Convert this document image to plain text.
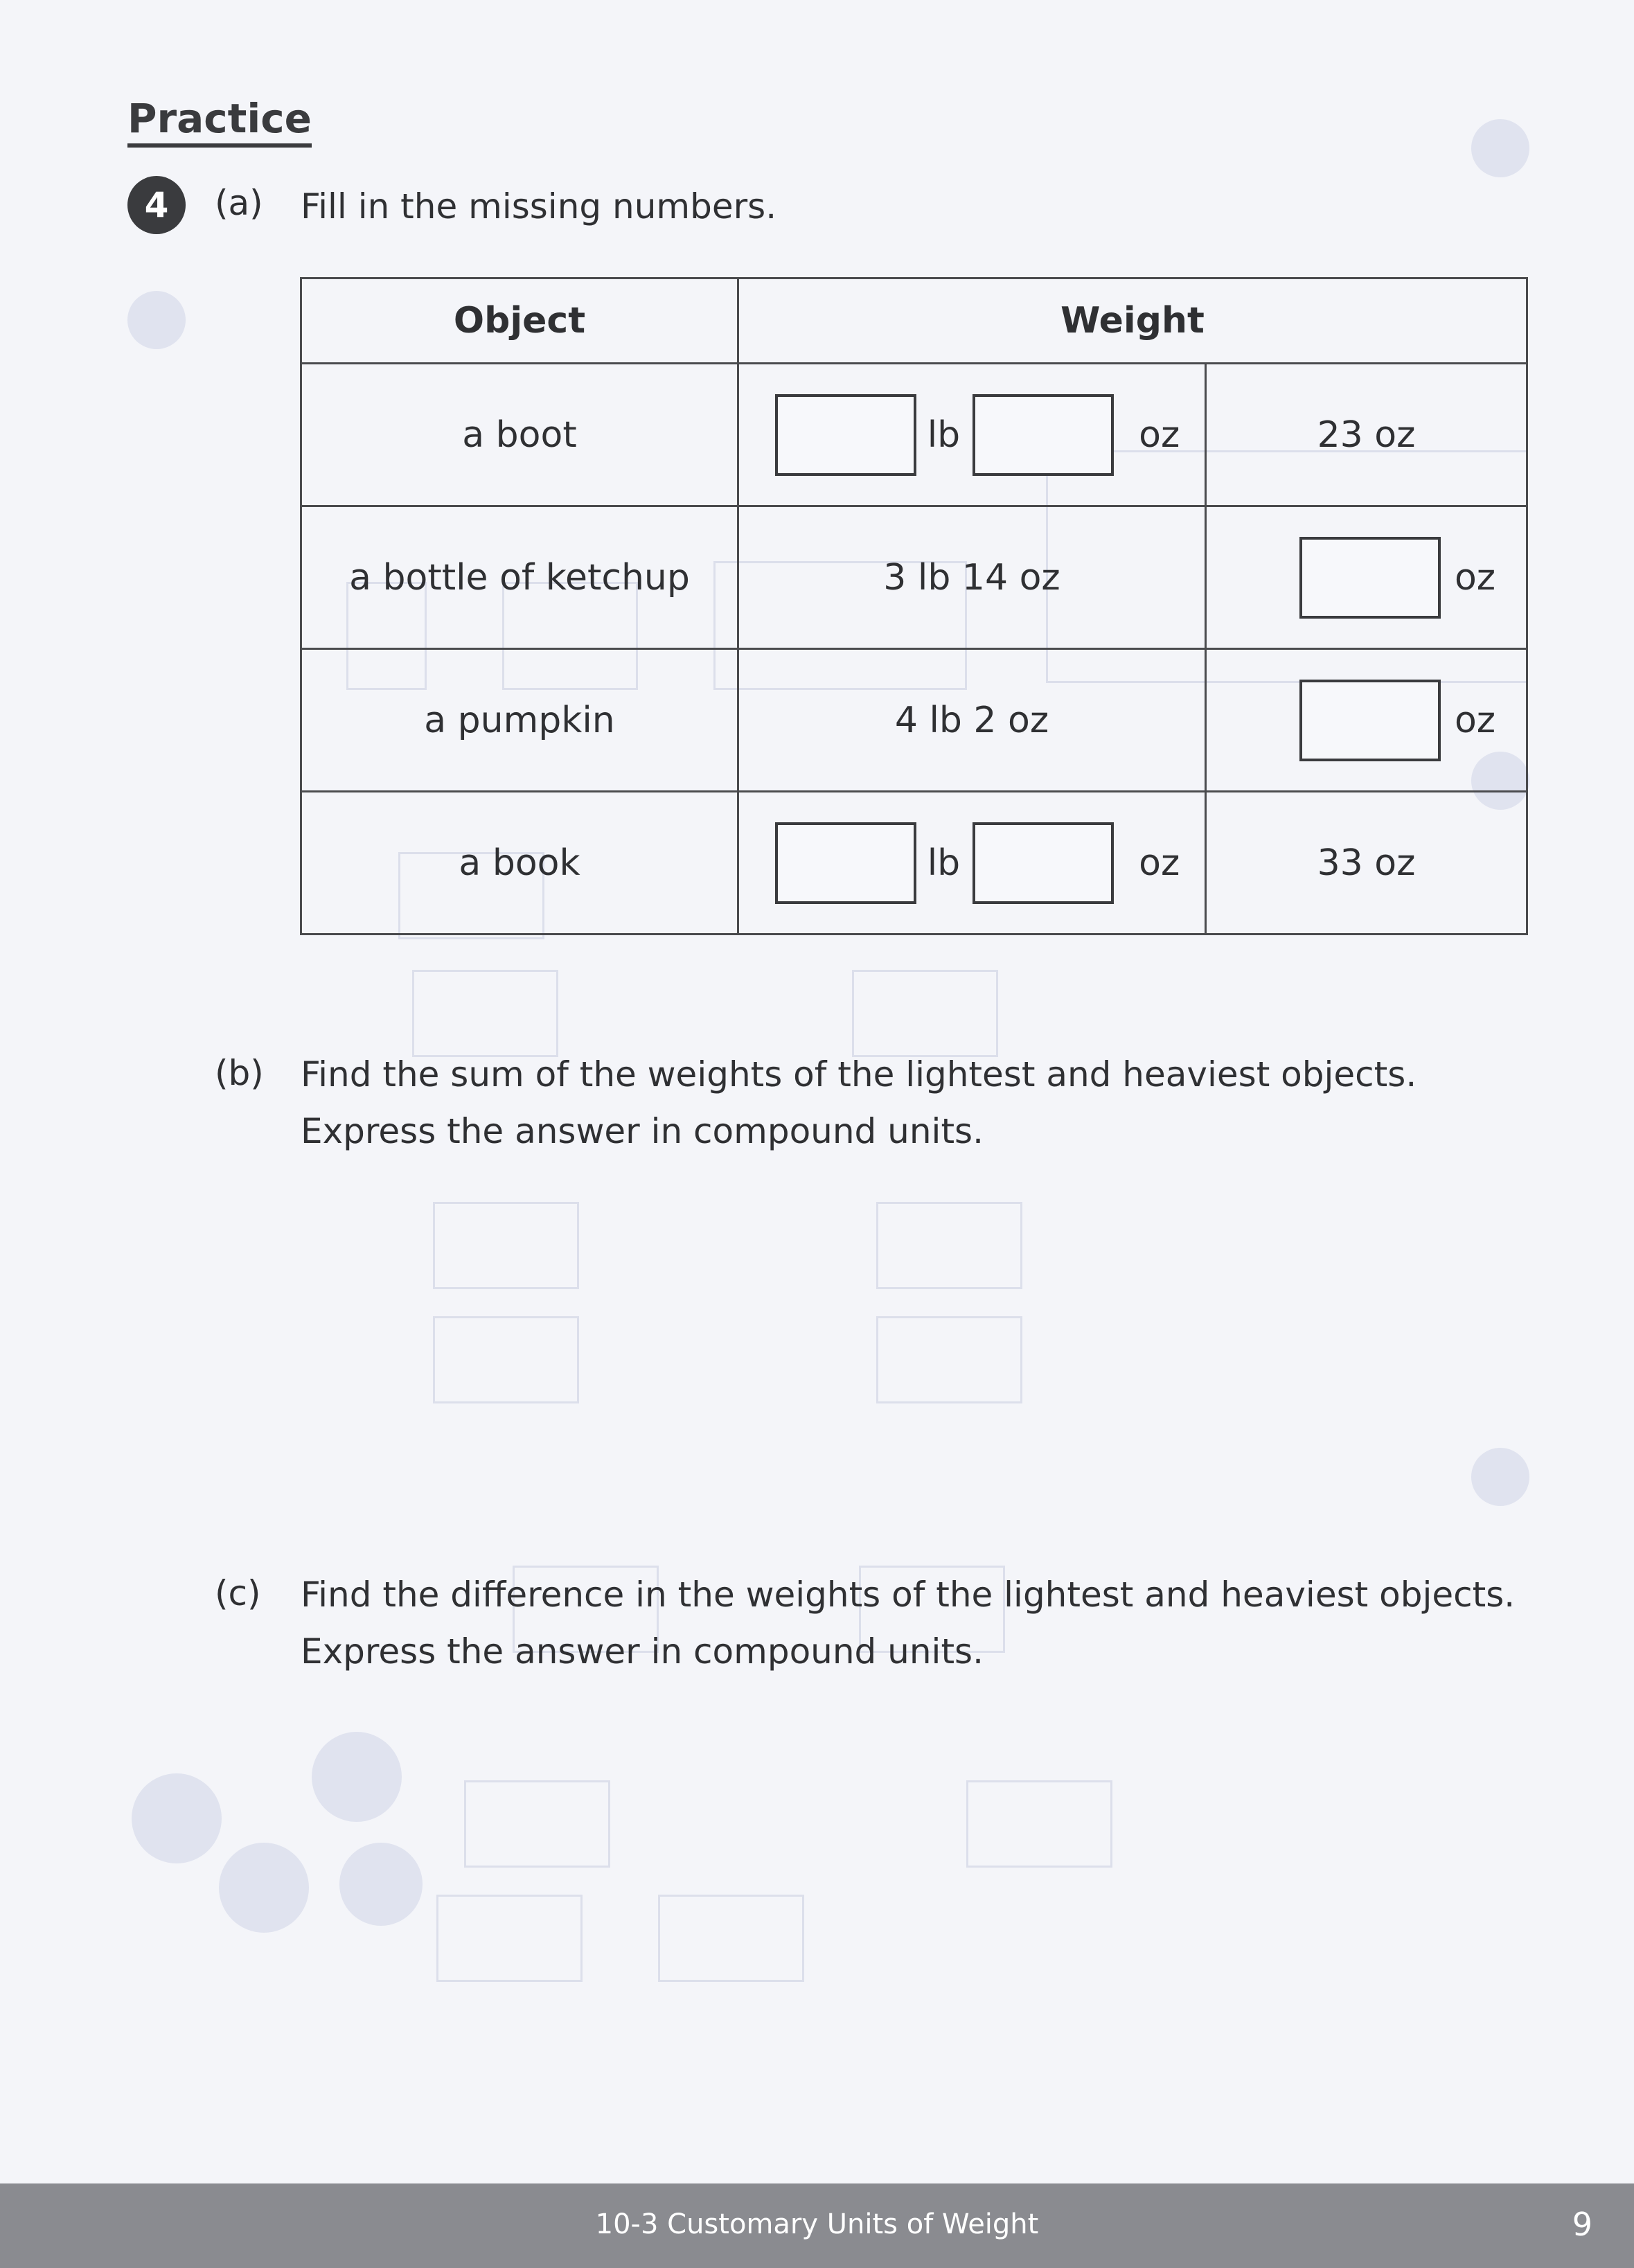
Practice
4	(a) Fill in the missing numbers.
Object	Weight	
a boot	lb oz	23 oz
a bottle of ketchup	3 lb 14 oz	oz

a pumpkin	4 lb 2 oz	oz

a book	lb oz	33 oz
(b) Find the sum of the weights of the lightest and heaviest objects.
Express the answer in compound units.
(c) Find the difference in the weights of the lightest and heaviest objects.
Express the answer in compound units.
10-3 Customary Units of Weight	9
